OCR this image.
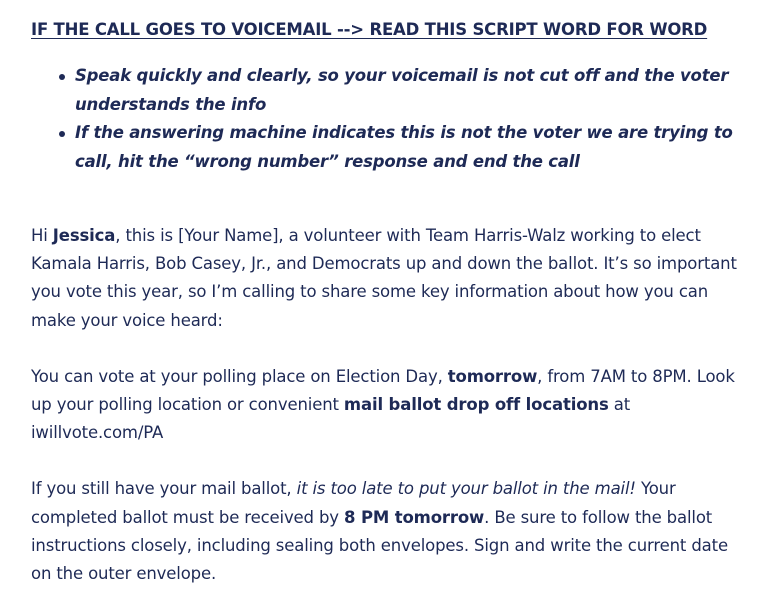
IF THE CALL GOES TO VOICEMAIL --> READ THIS SCRIPT WORD FOR WORD

Speak quickly and clearly, so your voicemail is not cut off and the voter understands the info
If the answering machine indicates this is not the voter we are trying to call, hit the “wrong number” response and end the call

Hi Jessica, this is [Your Name], a volunteer with Team Harris-Walz working to elect Kamala Harris, Bob Casey, Jr., and Democrats up and down the ballot. It’s so important you vote this year, so I’m calling to share some key information about how you can make your voice heard:

You can vote at your polling place on Election Day, tomorrow, from 7AM to 8PM. Look up your polling location or convenient mail ballot drop off locations at iwillvote.com/PA

If you still have your mail ballot, it is too late to put your ballot in the mail! Your completed ballot must be received by 8 PM tomorrow. Be sure to follow the ballot instructions closely, including sealing both envelopes. Sign and write the current date on the outer envelope.
